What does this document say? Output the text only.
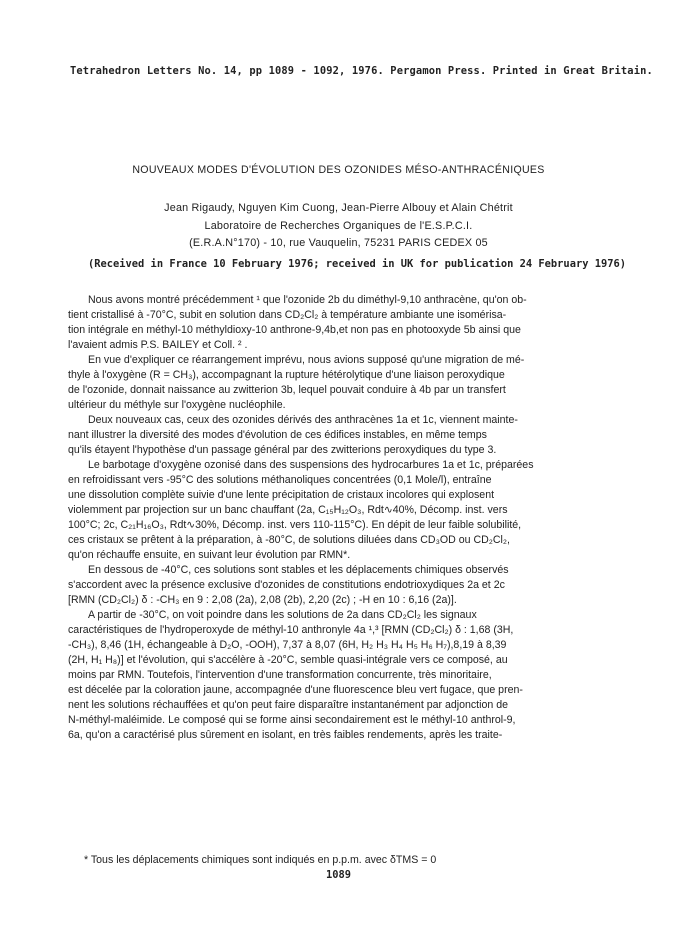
Tetrahedron Letters No. 14, pp 1089 - 1092, 1976. Pergamon Press. Printed in Great Britain.
NOUVEAUX MODES D'ÉVOLUTION DES OZONIDES MÉSO-ANTHRACÉNIQUES
Jean Rigaudy, Nguyen Kim Cuong, Jean-Pierre Albouy et Alain Chétrit
Laboratoire de Recherches Organiques de l'E.S.P.C.I.
(E.R.A.N°170) - 10, rue Vauquelin, 75231 PARIS CEDEX 05
(Received in France 10 February 1976; received in UK for publication 24 February 1976)
Nous avons montré précédemment ¹ que l'ozonide 2b du diméthyl-9,10 anthracène, qu'on ob-
tient cristallisé à -70°C, subit en solution dans CD₂Cl₂ à température ambiante une isomérisa-
tion intégrale en méthyl-10 méthyldioxy-10 anthrone-9,4b,et non pas en photooxyde 5b ainsi que
l'avaient admis P.S. BAILEY et Coll. ² .
En vue d'expliquer ce réarrangement imprévu, nous avions supposé qu'une migration de mé-
thyle à l'oxygène (R = CH₃), accompagnant la rupture hétérolytique d'une liaison peroxydique
de l'ozonide, donnait naissance au zwitterion 3b, lequel pouvait conduire à 4b par un transfert
ultérieur du méthyle sur l'oxygène nucléophile.
Deux nouveaux cas, ceux des ozonides dérivés des anthracènes 1a et 1c, viennent mainte-
nant illustrer la diversité des modes d'évolution de ces édifices instables, en même temps
qu'ils étayent l'hypothèse d'un passage général par des zwitterions peroxydiques du type 3.
Le barbotage d'oxygène ozonisé dans des suspensions des hydrocarbures 1a et 1c, préparées
en refroidissant vers -95°C des solutions méthanoliques concentrées (0,1 Mole/l), entraîne
une dissolution complète suivie d'une lente précipitation de cristaux incolores qui explosent
violemment par projection sur un banc chauffant (2a, C₁₅H₁₂O₃, Rdt∿40%, Décomp. inst. vers
100°C; 2c, C₂₁H₁₆O₃, Rdt∿30%, Décomp. inst. vers 110-115°C). En dépit de leur faible solubilité,
ces cristaux se prêtent à la préparation, à -80°C, de solutions diluées dans CD₃OD ou CD₂Cl₂,
qu'on réchauffe ensuite, en suivant leur évolution par RMN*.
En dessous de -40°C, ces solutions sont stables et les déplacements chimiques observés
s'accordent avec la présence exclusive d'ozonides de constitutions endotrioxydiques 2a et 2c
[RMN (CD₂Cl₂) δ : -CH₃ en 9 : 2,08 (2a), 2,08 (2b), 2,20 (2c) ; -H en 10 : 6,16 (2a)].
A partir de -30°C, on voit poindre dans les solutions de 2a dans CD₂Cl₂ les signaux
caractéristiques de l'hydroperoxyde de méthyl-10 anthronyle 4a ¹,³ [RMN (CD₂Cl₂) δ : 1,68 (3H,
-CH₃), 8,46 (1H, échangeable à D₂O, -OOH), 7,37 à 8,07 (6H, H₂ H₃ H₄ H₅ H₆ H₇),8,19 à 8,39
(2H, H₁ H₈)] et l'évolution, qui s'accélère à -20°C, semble quasi-intégrale vers ce composé, au
moins par RMN. Toutefois, l'intervention d'une transformation concurrente, très minoritaire,
est décelée par la coloration jaune, accompagnée d'une fluorescence bleu vert fugace, que pren-
nent les solutions réchauffées et qu'on peut faire disparaître instantanément par adjonction de
N-méthyl-maléimide. Le composé qui se forme ainsi secondairement est le méthyl-10 anthrol-9,
6a, qu'on a caractérisé plus sûrement en isolant, en très faibles rendements, après les traite-
* Tous les déplacements chimiques sont indiqués en p.p.m. avec δTMS = 0
1089
